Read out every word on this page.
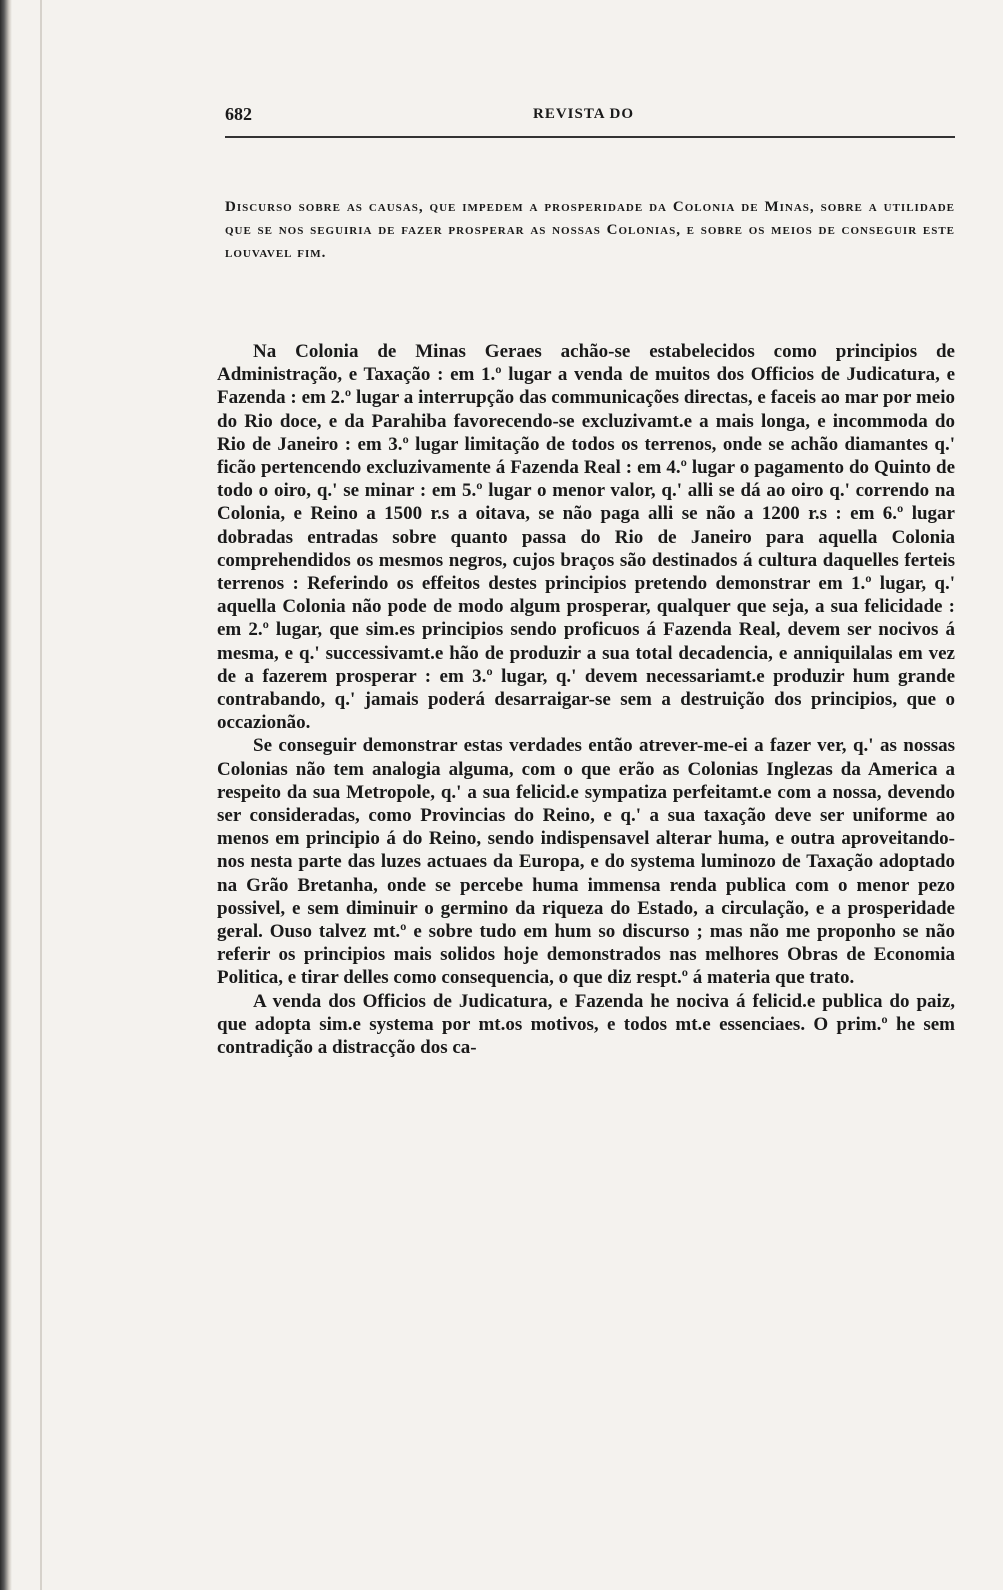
682	REVISTA DO
Discurso sobre as causas, que impedem a prosperidade da Colonia de Minas, sobre a utilidade que se nos seguiria de fazer prosperar as nossas Colonias, e sobre os meios de conseguir este louvavel fim.

Na Colonia de Minas Geraes achão-se estabelecidos como principios de Administração, e Taxação : em 1.º lugar a venda de muitos dos Officios de Judicatura, e Fazenda : em 2.º lugar a interrupção das communicações directas, e faceis ao mar por meio do Rio doce, e da Parahiba favorecendo-se excluzivamt.e a mais longa, e incommoda do Rio de Janeiro : em 3.º lugar limitação de todos os terrenos, onde se achão diamantes q.' ficão pertencendo excluzivamente á Fazenda Real : em 4.º lugar o pagamento do Quinto de todo o oiro, q.' se minar : em 5.º lugar o menor valor, q.' alli se dá ao oiro q.' correndo na Colonia, e Reino a 1500 r.s a oitava, se não paga alli se não a 1200 r.s : em 6.º lugar dobradas entradas sobre quanto passa do Rio de Janeiro para aquella Colonia comprehendidos os mesmos negros, cujos braços são destinados á cultura daquelles ferteis terrenos : Referindo os effeitos destes principios pretendo demonstrar em 1.º lugar, q.' aquella Colonia não pode de modo algum prosperar, qualquer que seja, a sua felicidade : em 2.º lugar, que sim.es principios sendo proficuos á Fazenda Real, devem ser nocivos á mesma, e q.' successivamt.e hão de produzir a sua total decadencia, e anniquilalas em vez de a fazerem prosperar : em 3.º lugar, q.' devem necessariamt.e produzir hum grande contrabando, q.' jamais poderá desarraigar-se sem a destruição dos principios, que o occazionão.

Se conseguir demonstrar estas verdades então atrever-me-ei a fazer ver, q.' as nossas Colonias não tem analogia alguma, com o que erão as Colonias Inglezas da America a respeito da sua Metropole, q.' a sua felicid.e sympatiza perfeitamt.e com a nossa, devendo ser consideradas, como Provincias do Reino, e q.' a sua taxação deve ser uniforme ao menos em principio á do Reino, sendo indispensavel alterar huma, e outra aproveitando-nos nesta parte das luzes actuaes da Europa, e do systema luminozo de Taxação adoptado na Grão Bretanha, onde se percebe huma immensa renda publica com o menor pezo possivel, e sem diminuir o germino da riqueza do Estado, a circulação, e a prosperidade geral. Ouso talvez mt.º e sobre tudo em hum so discurso ; mas não me proponho se não referir os principios mais solidos hoje demonstrados nas melhores Obras de Economia Politica, e tirar delles como consequencia, o que diz respt.º á materia que trato.

A venda dos Officios de Judicatura, e Fazenda he nociva á felicid.e publica do paiz, que adopta sim.e systema por mt.os motivos, e todos mt.e essenciaes. O prim.º he sem contradição a distracção dos ca-
